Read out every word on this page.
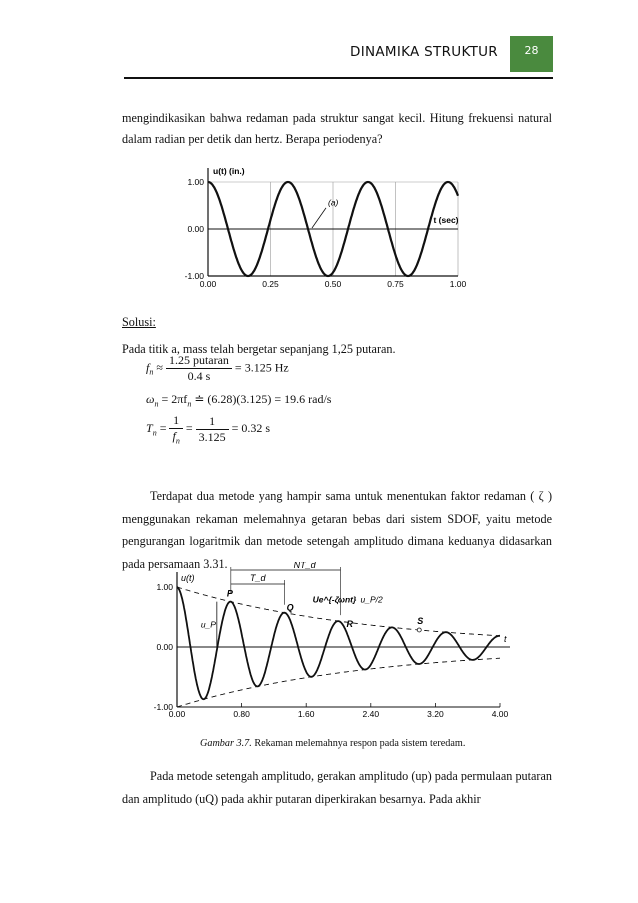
DINAMIKA STRUKTUR	28
mengindikasikan bahwa redaman pada struktur sangat kecil. Hitung frekuensi natural dalam radian per detik dan hertz. Berapa periodenya?
0.00	0.25	0.50	0.75	1.00
1.00
0.00
-1.00
u(t) (in.)
t (sec)
(a)
Solusi:
Pada titik a, mass telah bergetar sepanjang 1,25 putaran.
$f_n \approx \frac{\text{1.25 putaran}}{0.4 s} = 3.125$ Hz
$\omega_n = 2\pi f_n$ ≐ (6.28)(3.125) = 19.6 rad/s
$T_n = \frac{1}{f_n} = \frac{1}{3.125} = 0.32$ s
Terdapat dua metode yang hampir sama untuk menentukan faktor redaman ( ζ ) menggunakan rekaman melemahnya getaran bebas dari sistem SDOF, yaitu metode pengurangan logaritmik dan metode setengah amplitudo dimana keduanya didasarkan pada persamaan 3.31.
0.00	0.80	1.60	2.40	3.20	4.00
1.00
0.00
-1.00
u(t)
t
P
Q
R	S
u_P
T_d
NT_d
Ue^{-ζωnt} u_P/2
Gambar 3.7. Rekaman melemahnya respon pada sistem teredam.
Pada metode setengah amplitudo, gerakan amplitudo (up) pada permulaan putaran dan amplitudo (uQ) pada akhir putaran diperkirakan besarnya. Pada akhir
